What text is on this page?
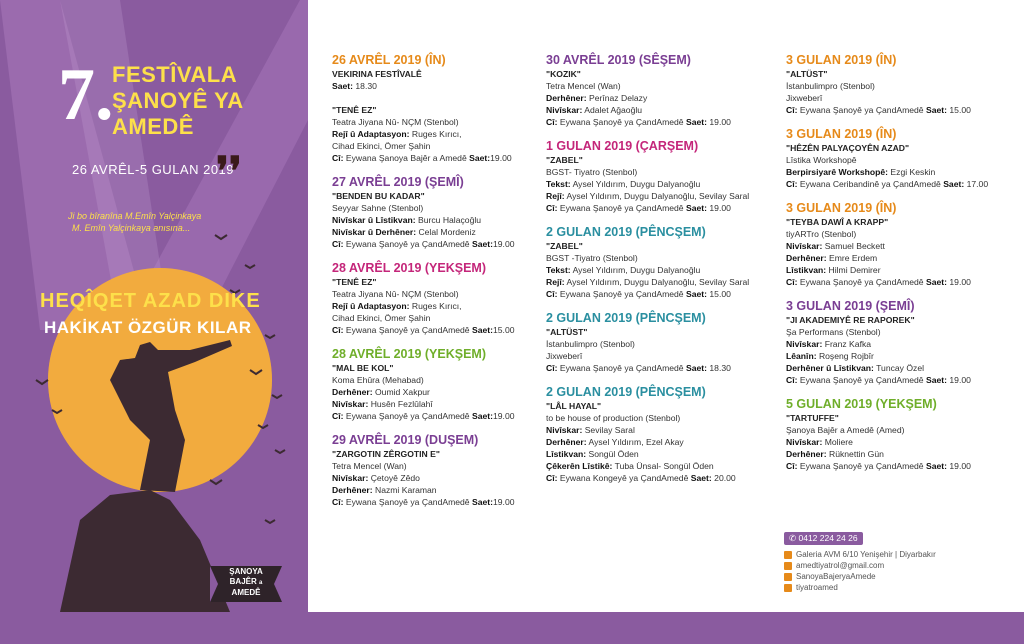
7.
FESTÎVALA
ŞANOYÊ YA
AMEDÊ
26 AVRÊL-5 GULAN 2019
❜❜
Ji bo bîranîna M.Emîn Yalçinkaya
M. Emîn Yalçinkaya anısına...
HEQÎQET AZAD DIKE
HAKİKAT ÖZGÜR KILAR
ŞANOYA
BAJÊR a
AMEDÊ
26 AVRÊL 2019 (ÎN)
VEKIRINA FESTÎVALÊ
Saet: 18.30

"TENÊ EZ"
Teatra Jiyana Nû- NÇM (Stenbol)
Rejî û Adaptasyon: Ruges Kırıcı,
Cihad Ekinci, Ömer Şahin
Cî: Eywana Şanoya Bajêr a Amedê Saet:19.00
27 AVRÊL 2019 (ŞEMÎ)
"BENDEN BU KADAR"
Seyyar Sahne (Stenbol)
Nivîskar û Lîstikvan: Burcu Halaçoğlu
Nivîskar û Derhêner: Celal Mordeniz
Cî: Eywana Şanoyê ya ÇandAmedê Saet:19.00
28 AVRÊL 2019 (YEKŞEM)
"TENÊ EZ"
Teatra Jiyana Nû- NÇM (Stenbol)
Rejî û Adaptasyon: Ruges Kırıcı,
Cihad Ekinci, Ömer Şahin
Cî: Eywana Şanoyê ya ÇandAmedê Saet:15.00
28 AVRÊL 2019 (YEKŞEM)
"MAL BE KOL"
Koma Ehûra (Mehabad)
Derhêner: Oumid Xakpur
Nivîskar: Husên Fezlûlahî
Cî: Eywana Şanoyê ya ÇandAmedê Saet:19.00
29 AVRÊL 2019 (DUŞEM)
"ZARGOTIN ZÊRGOTIN E"
Tetra Mencel (Wan)
Nivîskar: Çetoyê Zêdo
Derhêner: Nazmi Karaman
Cî: Eywana Şanoyê ya ÇandAmedê Saet:19.00
30 AVRÊL 2019 (SÊŞEM)
"KOZIK"
Tetra Mencel (Wan)
Derhêner: Perînaz Delazy
Nivîskar: Adalet Ağaoğlu
Cî: Eywana Şanoyê ya ÇandAmedê Saet: 19.00
1 GULAN 2019 (ÇARŞEM)
"ZABEL"
BGST- Tiyatro (Stenbol)
Tekst: Aysel Yıldırım, Duygu Dalyanoğlu
Rejî: Aysel Yıldırım, Duygu Dalyanoğlu, Sevilay Saral
Cî: Eywana Şanoyê ya ÇandAmedê Saet: 19.00
2 GULAN 2019 (PÊNCŞEM)
"ZABEL"
BGST -Tiyatro (Stenbol)
Tekst: Aysel Yıldırım, Duygu Dalyanoğlu
Rejî: Aysel Yıldırım, Duygu Dalyanoğlu, Sevilay Saral
Cî: Eywana Şanoyê ya ÇandAmedê Saet: 15.00
2 GULAN 2019 (PÊNCŞEM)
"ALTÜST"
İstanbulimpro (Stenbol)
Jixweberî
Cî: Eywana Şanoyê ya ÇandAmedê Saet: 18.30
2 GULAN 2019 (PÊNCŞEM)
"LÂL HAYAL"
to be house of production (Stenbol)
Nivîskar: Sevilay Saral
Derhêner: Aysel Yıldırım, Ezel Akay
Lîstikvan: Songül Öden
Çêkerên Lîstikê: Tuba Ünsal- Songül Öden
Cî: Eywana Kongeyê ya ÇandAmedê Saet: 20.00
3 GULAN 2019 (ÎN)
"ALTÜST"
İstanbulimpro (Stenbol)
Jixweberî
Cî: Eywana Şanoyê ya ÇandAmedê Saet: 15.00
3 GULAN 2019 (ÎN)
"HÊZÊN PALYAÇOYÊN AZAD"
Lîstika Workshopê
Berpirsiyarê Workshopê: Ezgi Keskin
Cî: Eywana Ceribandinê ya ÇandAmedê Saet: 17.00
3 GULAN 2019 (ÎN)
"TEYBA DAWÎ A KRAPP"
tiyARTro (Stenbol)
Nivîskar: Samuel Beckett
Derhêner: Emre Erdem
Lîstikvan: Hilmi Demirer
Cî: Eywana Şanoyê ya ÇandAmedê Saet: 19.00
3 GULAN 2019 (ŞEMÎ)
"JI AKADEMIYÊ RE RAPOREK"
Şa Performans (Stenbol)
Nivîskar: Franz Kafka
Lêanîn: Roşeng Rojbîr
Derhêner û Lîstikvan: Tuncay Özel
Cî: Eywana Şanoyê ya ÇandAmedê Saet: 19.00
5 GULAN 2019 (YEKŞEM)
"TARTUFFE"
Şanoya Bajêr a Amedê (Amed)
Nivîskar: Moliere
Derhêner: Rüknettin Gün
Cî: Eywana Şanoyê ya ÇandAmedê Saet: 19.00
✆ 0412 224 24 26
Galeria AVM 6/10 Yenişehir | Diyarbakır
amedtiyatrol@gmail.com
SanoyaBajeryaAmede
tiyatroamed
